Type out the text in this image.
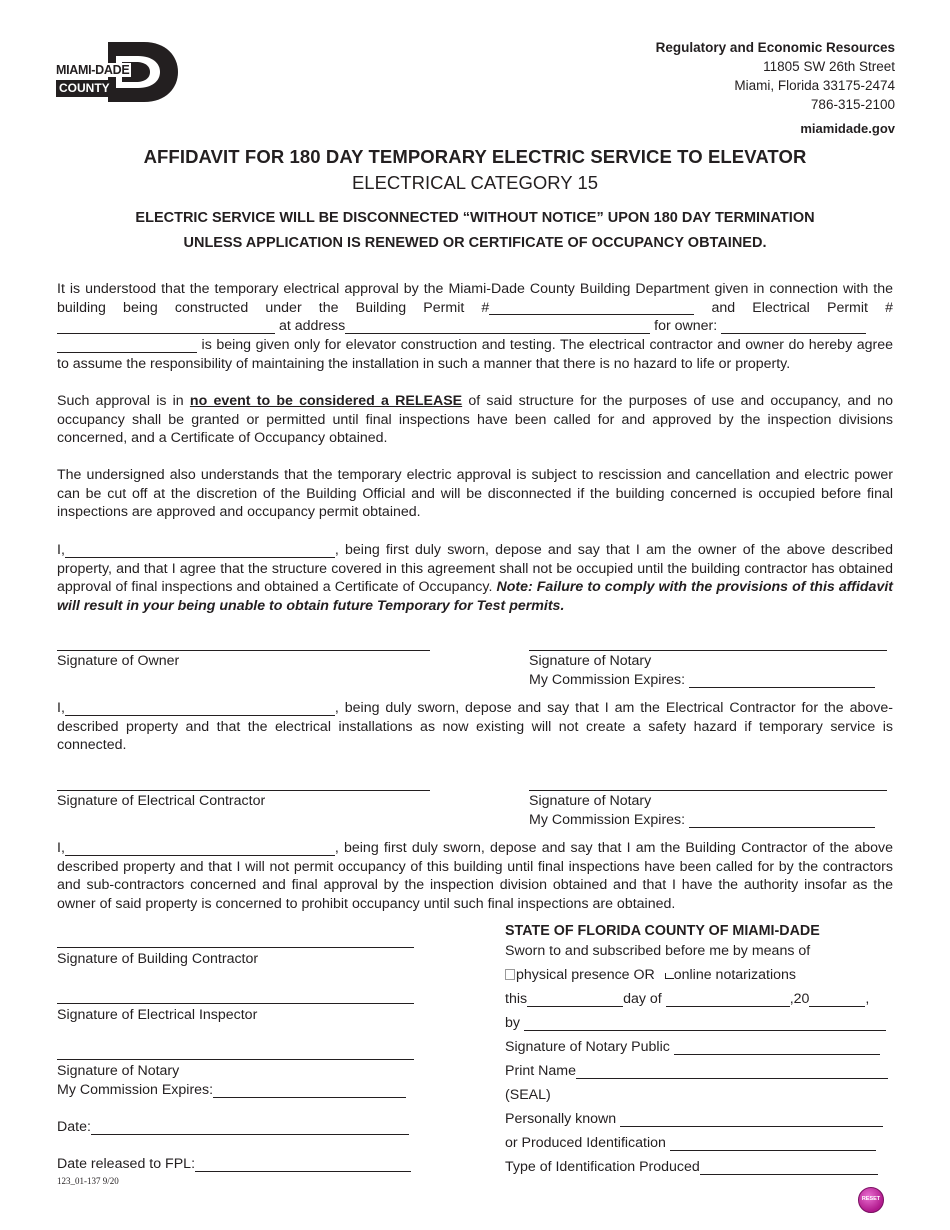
MIAMI-DADE
COUNTY
Regulatory and Economic Resources
11805 SW 26th Street
Miami, Florida 33175-2474
786-315-2100
miamidade.gov
AFFIDAVIT FOR 180 DAY TEMPORARY ELECTRIC SERVICE TO ELEVATOR
ELECTRICAL CATEGORY 15
ELECTRIC SERVICE WILL BE DISCONNECTED “WITHOUT NOTICE” UPON 180 DAY TERMINATION
UNLESS APPLICATION IS RENEWED OR CERTIFICATE OF OCCUPANCY OBTAINED.
It is understood that the temporary electrical approval by the Miami-Dade County Building Department given in connection with the building being constructed under the Building Permit #	and Electrical Permit # at address	for owner:
is being given only for elevator construction and testing. The electrical contractor and owner do hereby agree to assume the responsibility of maintaining the installation in such a manner that there is no hazard to life or property.
Such approval is in no event to be considered a RELEASE of said structure for the purposes of use and occupancy, and no occupancy shall be granted or permitted until final inspections have been called for and approved by the inspection divisions concerned, and a Certificate of Occupancy obtained.
The undersigned also understands that the temporary electric approval is subject to rescission and cancellation and electric power can be cut off at the discretion of the Building Official and will be disconnected if the building concerned is occupied before final inspections are approved and occupancy permit obtained.
I,	, being first duly sworn, depose and say that I am the owner of the above described property, and that I agree that the structure covered in this agreement shall not be occupied until the building contractor has obtained approval of final inspections and obtained a Certificate of Occupancy. Note: Failure to comply with the provisions of this affidavit will result in your being unable to obtain future Temporary for Test permits.
Signature of Owner	Signature of Notary
My Commission Expires:
I,	, being duly sworn, depose and say that I am the Electrical Contractor for the above-described property and that the electrical installations as now existing will not create a safety hazard if temporary service is connected.
Signature of Electrical Contractor	Signature of Notary
My Commission Expires:
I,	, being first duly sworn, depose and say that I am the Building Contractor of the above described property and that I will not permit occupancy of this building until final inspections have been called for by the contractors and sub-contractors concerned and final approval by the inspection division obtained and that I have the authority insofar as the owner of said property is concerned to prohibit occupancy until such final inspections are obtained.
Signature of Building Contractor
Signature of Electrical Inspector
Signature of Notary
My Commission Expires:
Date:
Date released to FPL:
STATE OF FLORIDA COUNTY OF MIAMI-DADE
Sworn to and subscribed before me by means of
physical presence OR online notarizations
this	day of	,20	,
by
Signature of Notary Public
Print Name
(SEAL)
Personally known
or Produced Identification
Type of Identification Produced
123_01-137 9/20
RESET
